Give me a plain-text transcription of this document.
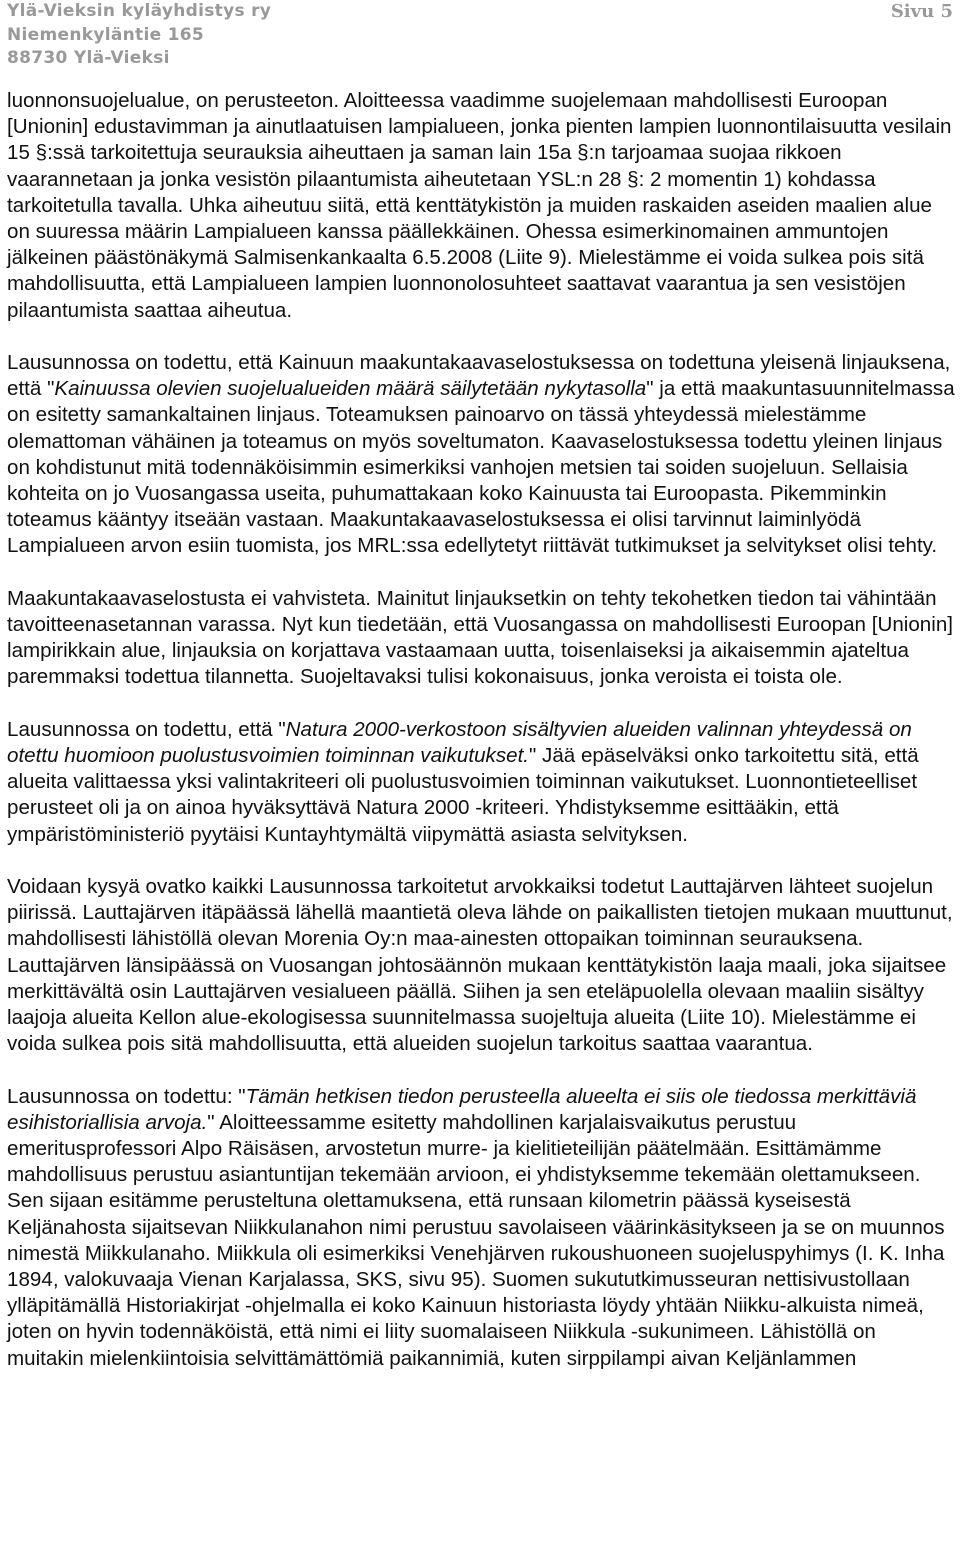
Ylä-Vieksin kyläyhdistys ry
Niemenkyläntie 165
88730 Ylä-Vieksi
Sivu 5

luonnonsuojelualue, on perusteeton. Aloitteessa vaadimme suojelemaan mahdollisesti Euroopan [Unionin] edustavimman ja ainutlaatuisen lampialueen, jonka pienten lampien luonnontilaisuutta vesilain 15 §:ssä tarkoitettuja seurauksia aiheuttaen ja saman lain 15a §:n tarjoamaa suojaa rikkoen vaarannetaan ja jonka vesistön pilaantumista aiheutetaan YSL:n 28 §: 2 momentin 1) kohdassa tarkoitetulla tavalla. Uhka aiheutuu siitä, että kenttätykistön ja muiden raskaiden aseiden maalien alue on suuressa määrin Lampialueen kanssa päällekkäinen. Ohessa esimerkinomainen ammuntojen jälkeinen päästönäkymä Salmisenkankaalta 6.5.2008 (Liite 9). Mielestämme ei voida sulkea pois sitä mahdollisuutta, että Lampialueen lampien luonnonolosuhteet saattavat vaarantua ja sen vesistöjen pilaantumista saattaa aiheutua.

Lausunnossa on todettu, että Kainuun maakuntakaavaselostuksessa on todettuna yleisenä linjauksena, että "Kainuussa olevien suojelualueiden määrä säilytetään nykytasolla" ja että maakuntasuunnitelmassa on esitetty samankaltainen linjaus. Toteamuksen painoarvo on tässä yhteydessä mielestämme olemattoman vähäinen ja toteamus on myös soveltumaton. Kaavaselostuksessa todettu yleinen linjaus on kohdistunut mitä todennäköisimmin esimerkiksi vanhojen metsien tai soiden suojeluun. Sellaisia kohteita on jo Vuosangassa useita, puhumattakaan koko Kainuusta tai Euroopasta. Pikemminkin toteamus kääntyy itseään vastaan. Maakuntakaavaselostuksessa ei olisi tarvinnut laiminlyödä Lampialueen arvon esiin tuomista, jos MRL:ssa edellytetyt riittävät tutkimukset ja selvitykset olisi tehty.

Maakuntakaavaselostusta ei vahvisteta. Mainitut linjauksetkin on tehty tekohetken tiedon tai vähintään tavoitteenasetannan varassa. Nyt kun tiedetään, että Vuosangassa on mahdollisesti Euroopan [Unionin] lampirikkain alue, linjauksia on korjattava vastaamaan uutta, toisenlaiseksi ja aikaisemmin ajateltua paremmaksi todettua tilannetta. Suojeltavaksi tulisi kokonaisuus, jonka veroista ei toista ole.

Lausunnossa on todettu, että "Natura 2000-verkostoon sisältyvien alueiden valinnan yhteydessä on otettu huomioon puolustusvoimien toiminnan vaikutukset." Jää epäselväksi onko tarkoitettu sitä, että alueita valittaessa yksi valintakriteeri oli puolustusvoimien toiminnan vaikutukset. Luonnontieteelliset perusteet oli ja on ainoa hyväksyttävä Natura 2000 -kriteeri. Yhdistyksemme esittääkin, että ympäristöministeriö pyytäisi Kuntayhtymältä viipymättä asiasta selvityksen.

Voidaan kysyä ovatko kaikki Lausunnossa tarkoitetut arvokkaiksi todetut Lauttajärven lähteet suojelun piirissä. Lauttajärven itäpäässä lähellä maantietä oleva lähde on paikallisten tietojen mukaan muuttunut, mahdollisesti lähistöllä olevan Morenia Oy:n maa-ainesten ottopaikan toiminnan seurauksena. Lauttajärven länsipäässä on Vuosangan johtosäännön mukaan kenttätykistön laaja maali, joka sijaitsee merkittävältä osin Lauttajärven vesialueen päällä. Siihen ja sen eteläpuolella olevaan maaliin sisältyy laajoja alueita Kellon alue-ekologisessa suunnitelmassa suojeltuja alueita (Liite 10). Mielestämme ei voida sulkea pois sitä mahdollisuutta, että alueiden suojelun tarkoitus saattaa vaarantua.

Lausunnossa on todettu: "Tämän hetkisen tiedon perusteella alueelta ei siis ole tiedossa merkittäviä esihistoriallisia arvoja." Aloitteessamme esitetty mahdollinen karjalaisvaikutus perustuu emeritusprofessori Alpo Räisäsen, arvostetun murre- ja kielitieteilijän päätelmään. Esittämämme mahdollisuus perustuu asiantuntijan tekemään arvioon, ei yhdistyksemme tekemään olettamukseen. Sen sijaan esitämme perusteltuna olettamuksena, että runsaan kilometrin päässä kyseisestä Keljänahosta sijaitsevan Niikkulanahon nimi perustuu savolaiseen väärinkäsitykseen ja se on muunnos nimestä Miikkulanaho. Miikkula oli esimerkiksi Venehjärven rukoushuoneen suojeluspyhimys (I. K. Inha 1894, valokuvaaja Vienan Karjalassa, SKS, sivu 95). Suomen sukututkimusseuran nettisivustollaan ylläpitämällä Historiakirjat -ohjelmalla ei koko Kainuun historiasta löydy yhtään Niikku-alkuista nimeä, joten on hyvin todennäköistä, että nimi ei liity suomalaiseen Niikkula -sukunimeen. Lähistöllä on muitakin mielenkiintoisia selvittämättömiä paikannimiä, kuten sirppilampi aivan Keljänlammen
